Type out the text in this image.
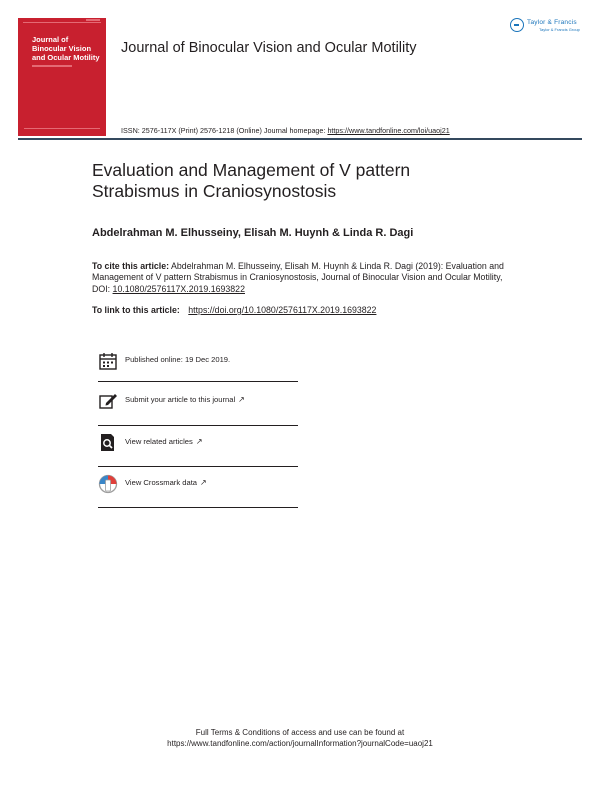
Journal of
Binocular Vision
and Ocular Motility
Journal of Binocular Vision and Ocular Motility
Taylor & Francis
Taylor & Francis Group
ISSN: 2576-117X (Print) 2576-1218 (Online) Journal homepage: https://www.tandfonline.com/loi/uaoj21
Evaluation and Management of V pattern Strabismus in Craniosynostosis
Abdelrahman M. Elhusseiny, Elisah M. Huynh & Linda R. Dagi
To cite this article: Abdelrahman M. Elhusseiny, Elisah M. Huynh & Linda R. Dagi (2019): Evaluation and Management of V pattern Strabismus in Craniosynostosis, Journal of Binocular Vision and Ocular Motility, DOI: 10.1080/2576117X.2019.1693822
To link to this article: https://doi.org/10.1080/2576117X.2019.1693822
Published online: 19 Dec 2019.
Submit your article to this journal ↗
View related articles ↗
View Crossmark data ↗
Full Terms & Conditions of access and use can be found at
https://www.tandfonline.com/action/journalInformation?journalCode=uaoj21
